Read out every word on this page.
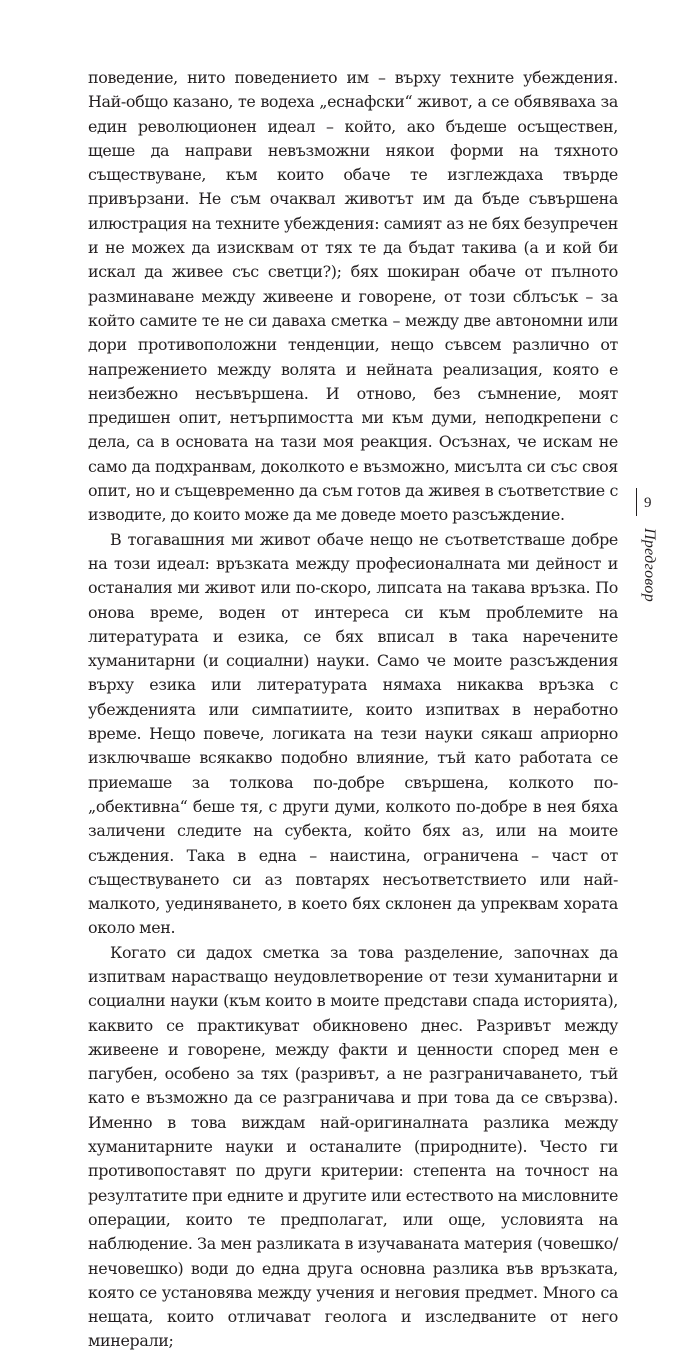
поведение, нито поведението им – върху техните убеждения. Най-общо казано, те водеха „еснафски“ живот, а се обявяваха за един революционен идеал – който, ако бъдеше осъществен, щеше да направи невъзможни някои форми на тяхното съществуване, към които обаче те изглеждаха твърде привързани. Не съм очаквал животът им да бъде съвършена илюстрация на техните убеждения: самият аз не бях безупречен и не можех да изисквам от тях те да бъдат такива (а и кой би искал да живее със светци?); бях шокиран обаче от пълното разминаване между живеене и говорене, от този сблъсък – за който самите те не си даваха сметка – между две автономни или дори противоположни тенденции, нещо съвсем различно от напрежението между волята и нейната реализация, която е неизбежно несъвършена. И отново, без съмнение, моят предишен опит, нетърпимостта ми към думи, неподкрепени с дела, са в основата на тази моя реакция. Осъзнах, че искам не само да подхранвам, доколкото е възможно, мисълта си със своя опит, но и същевременно да съм готов да живея в съответствие с изводите, до които може да ме доведе моето разсъждение.

В тогавашния ми живот обаче нещо не съответстваше добре на този идеал: връзката между професионалната ми дейност и останалия ми живот или по-скоро, липсата на такава връзка. По онова време, воден от интереса си към проблемите на литературата и езика, се бях вписал в така наречените хуманитарни (и социални) науки. Само че моите разсъждения върху езика или литературата нямаха никаква връзка с убежденията или симпатиите, които изпитвах в неработно време. Нещо повече, логиката на тези науки сякаш априорно изключваше всякакво подобно влияние, тъй като работата се приемаше за толкова по-добре свършена, колкото по-„обективна“ беше тя, с други думи, колкото по-добре в нея бяха заличени следите на субекта, който бях аз, или на моите съждения. Така в една – наистина, ограничена – част от съществуването си аз повтарях несъответствието или най-малкото, уединяването, в което бях склонен да упреквам хората около мен.

Когато си дадох сметка за това разделение, започнах да изпитвам нарастващо неудовлетворение от тези хуманитарни и социални науки (към които в моите представи спада историята), каквито се практикуват обикновено днес. Разривът между живеене и говорене, между факти и ценности според мен е пагубен, особено за тях (разривът, а не разграничаването, тъй като е възможно да се разграничава и при това да се свързва). Именно в това виждам най-оригиналната разлика между хуманитарните науки и останалите (природните). Често ги противопоставят по други критерии: степента на точност на резултатите при едните и другите или естеството на мисловните операции, които те предполагат, или още, условията на наблюдение. За мен разликата в изучаваната материя (човешко/нечовешко) води до една друга основна разлика във връзката, която се установява между учения и неговия предмет. Много са нещата, които отличават геолога и изследваните от него минерали;

9
Предговор
